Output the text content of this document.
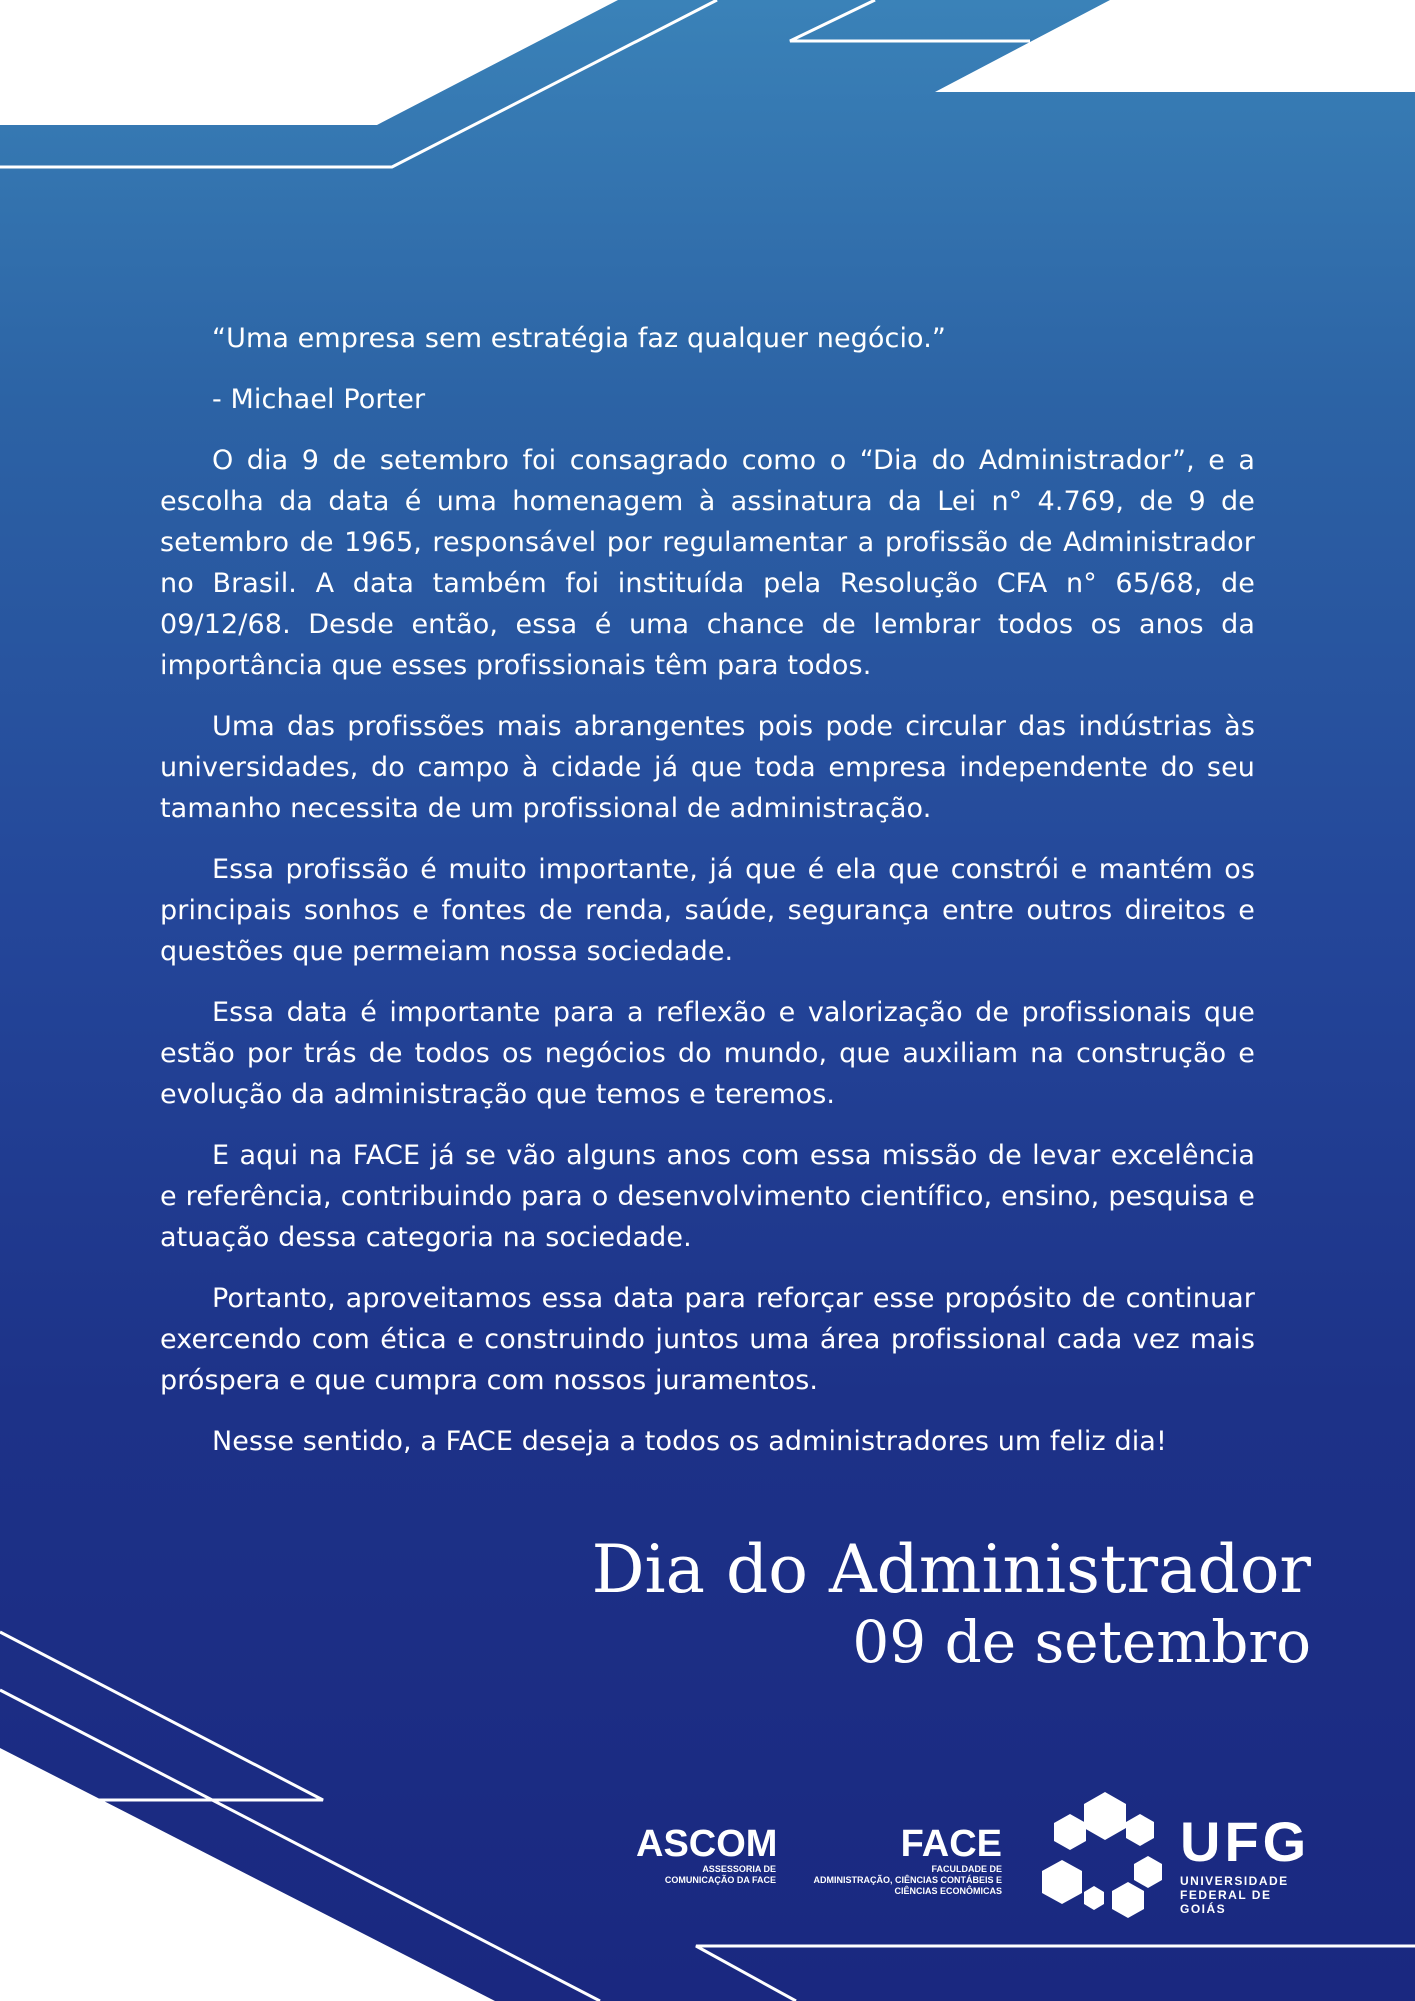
“Uma empresa sem estratégia faz qualquer negócio.”

- Michael Porter

O dia 9 de setembro foi consagrado como o “Dia do Administrador”, e a escolha da data é uma homenagem à assinatura da Lei n° 4.769, de 9 de setembro de 1965, responsável por regulamentar a profissão de Administrador no Brasil. A data também foi instituída pela Resolução CFA n° 65/68, de 09/12/68. Desde então, essa é uma chance de lembrar todos os anos da importância que esses profissionais têm para todos.

Uma das profissões mais abrangentes pois pode circular das indústrias às universidades, do campo à cidade já que toda empresa independente do seu tamanho necessita de um profissional de administração.

Essa profissão é muito importante, já que é ela que constrói e mantém os principais sonhos e fontes de renda, saúde, segurança entre outros direitos e questões que permeiam nossa sociedade.

Essa data é importante para a reflexão e valorização de profissionais que estão por trás de todos os negócios do mundo, que auxiliam na construção e evolução da administração que temos e teremos.

E aqui na FACE já se vão alguns anos com essa missão de levar excelência e referência, contribuindo para o desenvolvimento científico, ensino, pesquisa e atuação dessa categoria na sociedade.

Portanto, aproveitamos essa data para reforçar esse propósito de continuar exercendo com ética e construindo juntos uma área profissional cada vez mais próspera e que cumpra com nossos juramentos.

Nesse sentido, a FACE deseja a todos os administradores um feliz dia!

Dia do Administrador
09 de setembro
ASCOM
ASSESSORIA DE
COMUNICAÇÃO DA FACE
FACE
FACULDADE DE
ADMINISTRAÇÃO, CIÊNCIAS CONTÁBEIS E
CIÊNCIAS ECONÔMICAS
UFG
UNIVERSIDADE
FEDERAL DE GOIÁS
